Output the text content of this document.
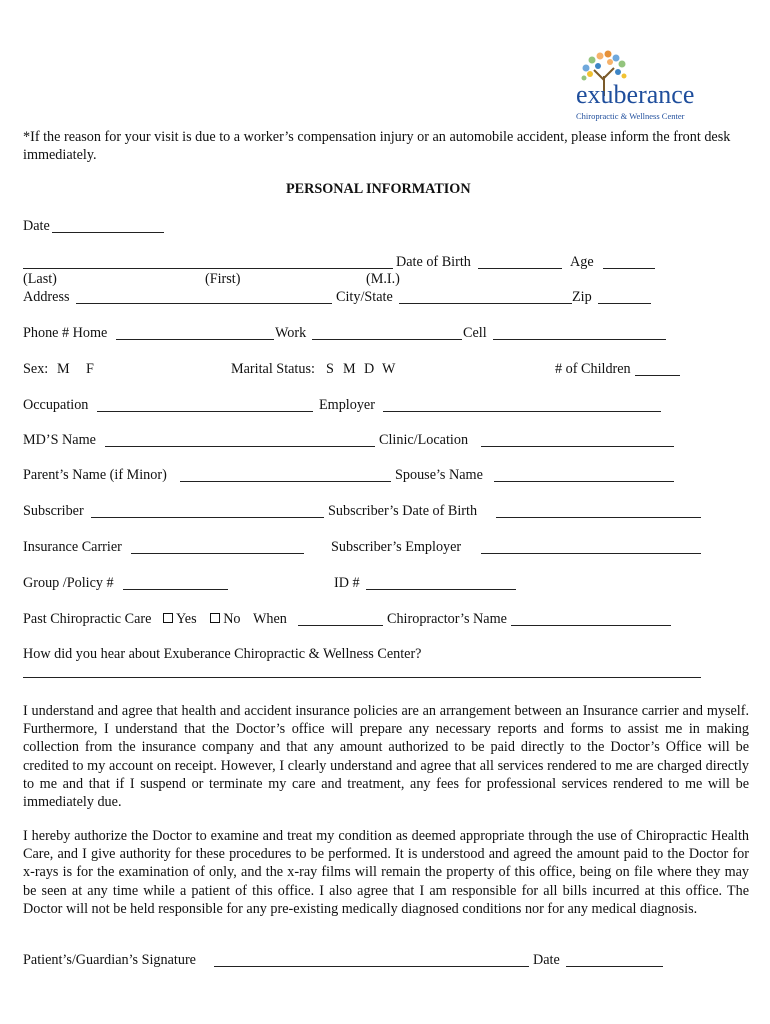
exuberance
Chiropractic & Wellness Center
*If the reason for your visit is due to a worker’s compensation injury or an automobile accident, please inform the front desk immediately.
PERSONAL INFORMATION
Date
Date of Birth	Age
(Last)	(First)	(M.I.)
Address	City/State	Zip
Phone # Home	Work	Cell
Sex: M F	Marital Status: S M D W	# of Children
Occupation	Employer
MD’S Name	Clinic/Location
Parent’s Name (if Minor)	Spouse’s Name
Subscriber	Subscriber’s Date of Birth
Insurance Carrier	Subscriber’s Employer
Group /Policy #	ID #
Past Chiropractic Care Yes No When	Chiropractor’s Name
How did you hear about Exuberance Chiropractic & Wellness Center?
I understand and agree that health and accident insurance policies are an arrangement between an Insurance carrier and myself. Furthermore, I understand that the Doctor’s office will prepare any necessary reports and forms to assist me in making collection from the insurance company and that any amount authorized to be paid directly to the Doctor’s Office will be credited to my account on receipt. However, I clearly understand and agree that all services rendered to me are charged directly to me and that if I suspend or terminate my care and treatment, any fees for professional services rendered to me will be immediately due.
I hereby authorize the Doctor to examine and treat my condition as deemed appropriate through the use of Chiropractic Health Care, and I give authority for these procedures to be performed. It is understood and agreed the amount paid to the Doctor for x-rays is for the examination of only, and the x-ray films will remain the property of this office, being on file where they may be seen at any time while a patient of this office. I also agree that I am responsible for all bills incurred at this office. The Doctor will not be held responsible for any pre-existing medically diagnosed conditions nor for any medical diagnosis.
Patient’s/Guardian’s Signature	Date
